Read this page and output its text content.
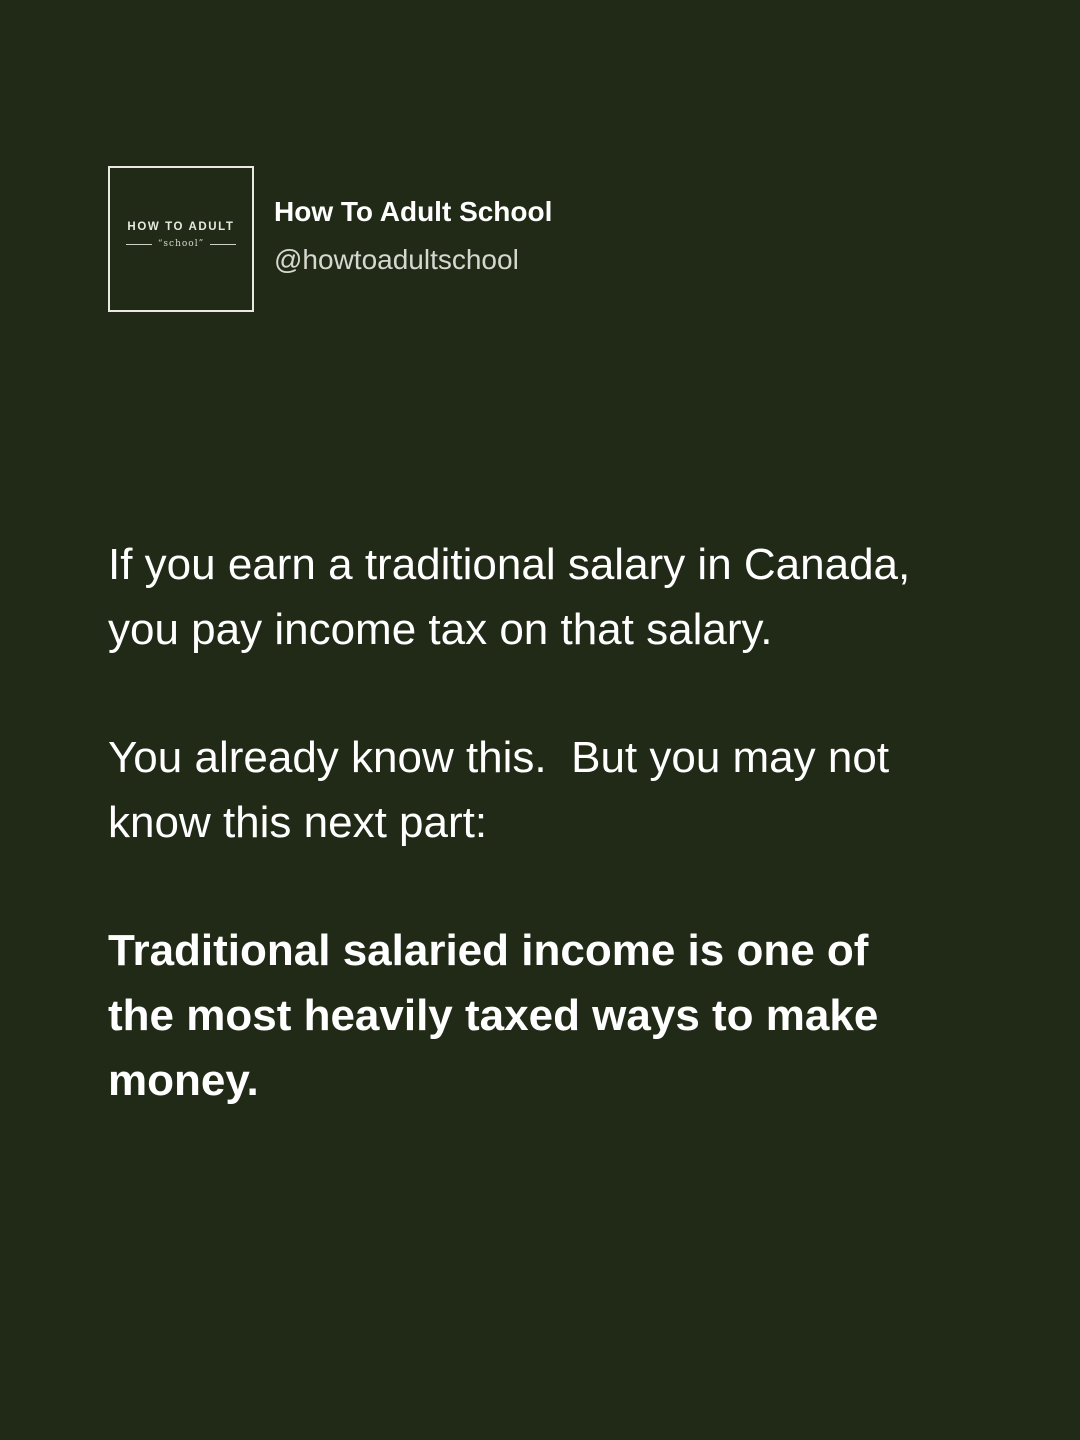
HOW TO ADULT
“school”
How To Adult School
@howtoadultschool

If you earn a traditional salary in Canada,
you pay income tax on that salary.

You already know this.  But you may not
know this next part:

Traditional salaried income is one of
the most heavily taxed ways to make
money.
